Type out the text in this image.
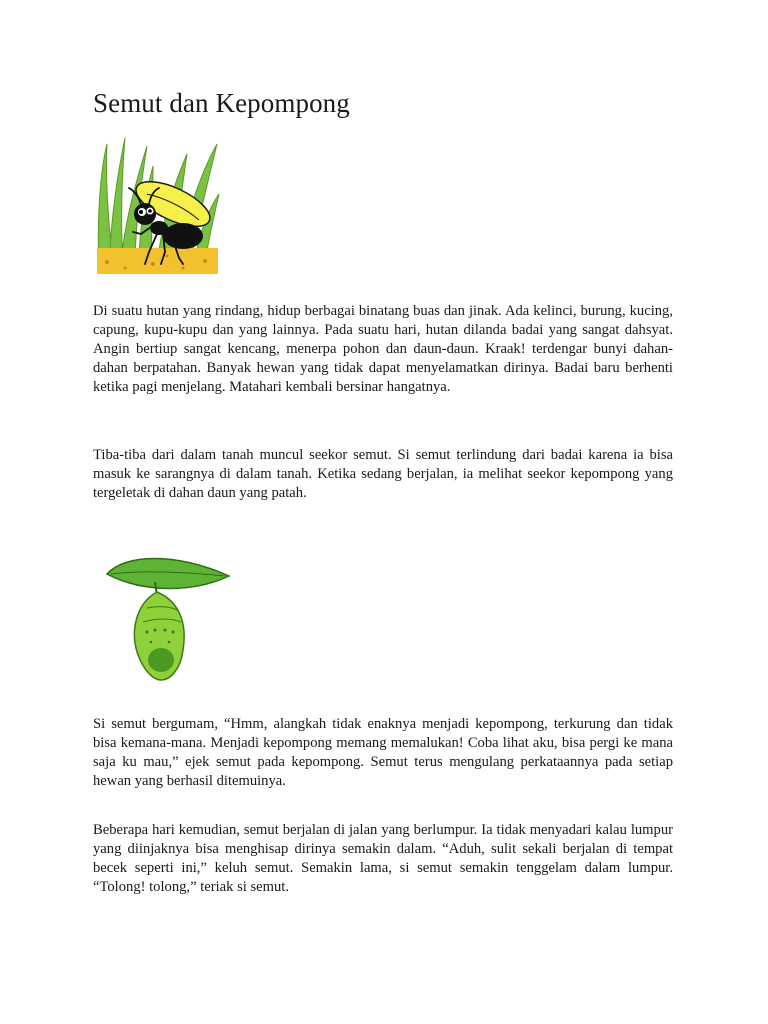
Semut dan Kepompong

Di suatu hutan yang rindang, hidup berbagai binatang buas dan jinak. Ada kelinci, burung, kucing, capung, kupu-kupu dan yang lainnya. Pada suatu hari, hutan dilanda badai yang sangat dahsyat. Angin bertiup sangat kencang, menerpa pohon dan daun-daun. Kraak! terdengar bunyi dahan-dahan berpatahan. Banyak hewan yang tidak dapat menyelamatkan dirinya. Badai baru berhenti ketika pagi menjelang. Matahari kembali bersinar hangatnya.

Tiba-tiba dari dalam tanah muncul seekor semut. Si semut terlindung dari badai karena ia bisa masuk ke sarangnya di dalam tanah. Ketika sedang berjalan, ia melihat seekor kepompong yang tergeletak di dahan daun yang patah.

Si semut bergumam, “Hmm, alangkah tidak enaknya menjadi kepompong, terkurung dan tidak bisa kemana-mana. Menjadi kepompong memang memalukan! Coba lihat aku, bisa pergi ke mana saja ku mau,” ejek semut pada kepompong. Semut terus mengulang perkataannya pada setiap hewan yang berhasil ditemuinya.

Beberapa hari kemudian, semut berjalan di jalan yang berlumpur. Ia tidak menyadari kalau lumpur yang diinjaknya bisa menghisap dirinya semakin dalam. “Aduh, sulit sekali berjalan di tempat becek seperti ini,” keluh semut. Semakin lama, si semut semakin tenggelam dalam lumpur. “Tolong! tolong,” teriak si semut.
